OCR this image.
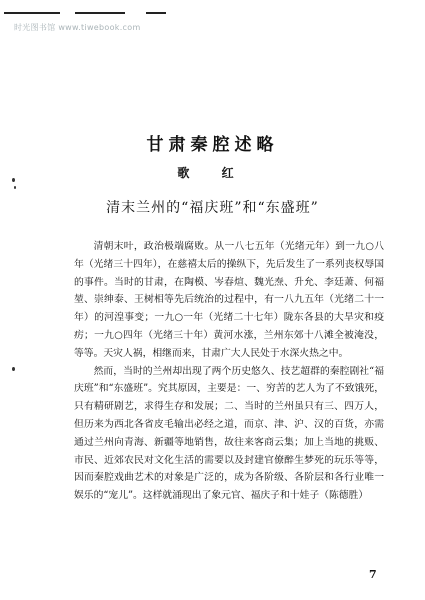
时光图书馆 www.tiwebook.com
甘肃秦腔述略
歌 红
清末兰州的“福庆班”和“东盛班”

清朝末叶，政治极端腐败。从一八七五年（光绪元年）到一九○八年（光绪三十四年），在慈禧太后的操纵下，先后发生了一系列丧权辱国的事件。当时的甘肃，在陶模、岑春煊、魏光焘、升允、李廷萧、何福堃、崇绅泰、王树相等先后统治的过程中，有一八九五年（光绪二十一年）的河湟事变；一九○一年（光绪二十七年）陇东各县的大旱灾和疫疠；一九○四年（光绪三十年）黄河水涨，兰州东郊十八滩全被淹没，等等。天灾人祸，相继而来，甘肃广大人民处于水深火热之中。

然而，当时的兰州却出现了两个历史悠久、技艺超群的秦腔剧社“福庆班”和“东盛班”。究其原因，主要是：一、穷苦的艺人为了不致饿死，只有精研剧艺，求得生存和发展；二、当时的兰州虽只有三、四万人，但历来为西北各省皮毛输出必经之道，而京、津、沪、汉的百货，亦需通过兰州向青海、新疆等地销售，故往来客商云集；加上当地的挑贩、市民、近郊农民对文化生活的需要以及封建官僚醉生梦死的玩乐等等，因而秦腔戏曲艺术的对象是广泛的，成为各阶级、各阶层和各行业唯一娱乐的“宠儿”。这样就涌现出了象元官、福庆子和十娃子（陈德胜）

7
